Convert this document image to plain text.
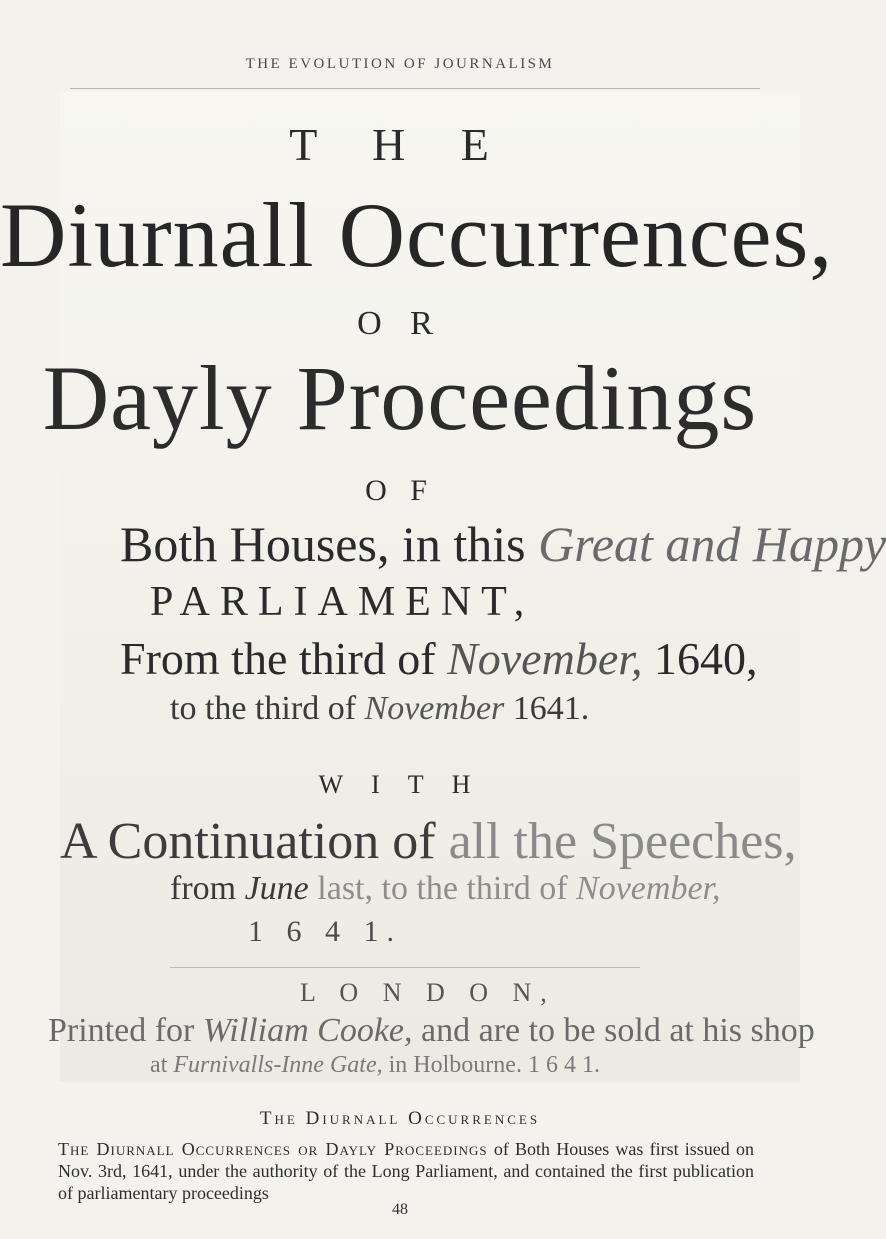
THE EVOLUTION OF JOURNALISM
T H E
Diurnall Occurrences,
O R
Dayly Proceedings
O F
Both Houses, in this Great and Happy
PARLIAMENT,
From the third of November, 1640,
to the third of November 1641.
W I T H
A Continuation of all the Speeches,
from June last, to the third of November,
1 6 4 1.
L O N D O N,
Printed for William Cooke, and are to be sold at his shop
at Furnivalls-Inne Gate, in Holbourne. 1 6 4 1.
The Diurnall Occurrences
The Diurnall Occurrences or Dayly Proceedings of Both Houses was first issued on Nov. 3rd, 1641, under the authority of the Long Parliament, and contained the first publication of parliamentary proceedings
48
